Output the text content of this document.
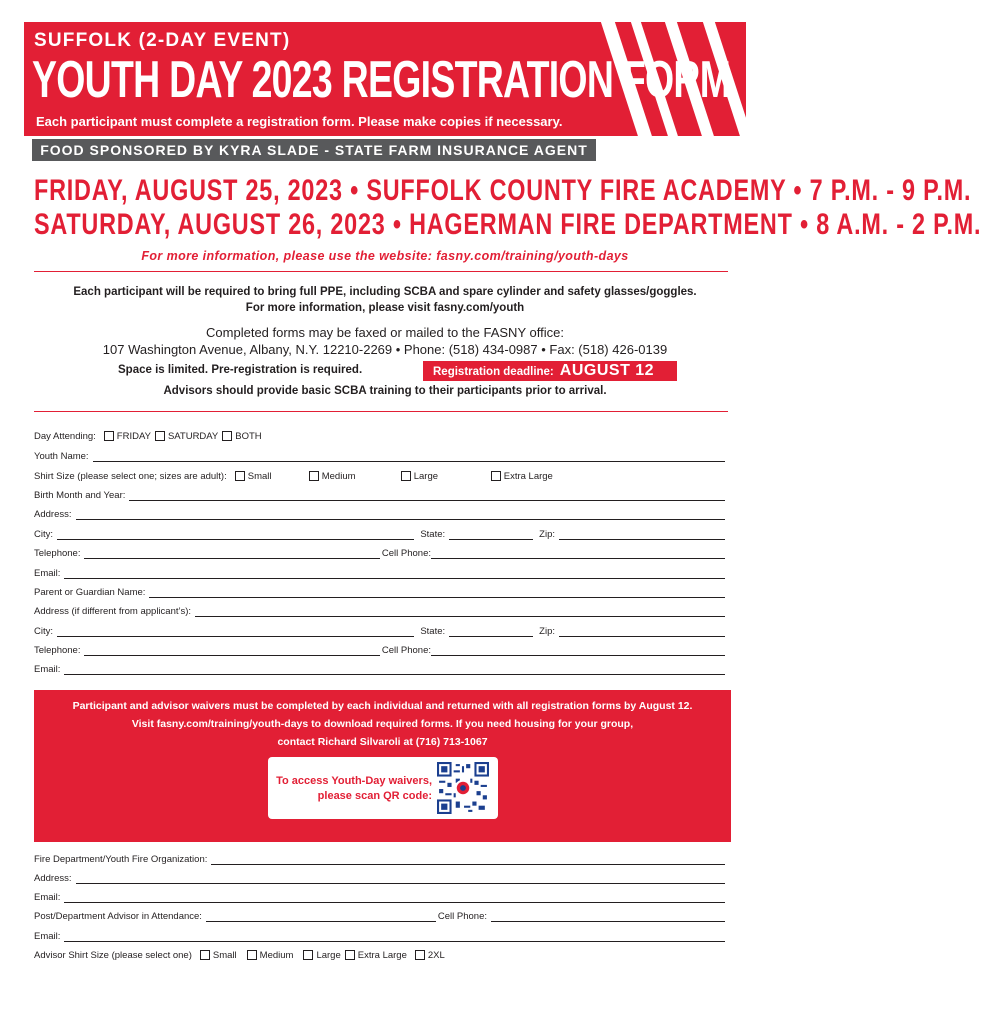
SUFFOLK (2-DAY EVENT)
YOUTH DAY 2023 REGISTRATION FORM
Each participant must complete a registration form. Please make copies if necessary.
FOOD SPONSORED BY KYRA SLADE - STATE FARM INSURANCE AGENT
FRIDAY, AUGUST 25, 2023 • SUFFOLK COUNTY FIRE ACADEMY • 7 P.M. - 9 P.M.
SATURDAY, AUGUST 26, 2023 • HAGERMAN FIRE DEPARTMENT • 8 A.M. - 2 P.M.
For more information, please use the website: fasny.com/training/youth-days
Each participant will be required to bring full PPE, including SCBA and spare cylinder and safety glasses/goggles.
For more information, please visit fasny.com/youth
Completed forms may be faxed or mailed to the FASNY office:
107 Washington Avenue, Albany, N.Y. 12210-2269 • Phone: (518) 434-0987 • Fax: (518) 426-0139
Space is limited. Pre-registration is required.	Registration deadline: AUGUST 12
Advisors should provide basic SCBA training to their participants prior to arrival.
Day Attending: FRIDAY SATURDAY BOTH
Youth Name:
Shirt Size (please select one; sizes are adult): Small	Medium	Large	Extra Large
Birth Month and Year:
Address:
City:	State:	Zip:
Telephone:	Cell Phone:
Email:
Parent or Guardian Name:
Address (if different from applicant’s):
City:	State:	Zip:
Telephone:	Cell Phone:
Email:
Participant and advisor waivers must be completed by each individual and returned with all registration forms by August 12.
Visit fasny.com/training/youth-days to download required forms. If you need housing for your group,
contact Richard Silvaroli at (716) 713-1067
To access Youth-Day waivers,
please scan QR code:
Fire Department/Youth Fire Organization:
Address:
Email:
Post/Department Advisor in Attendance:	Cell Phone:
Email:
Advisor Shirt Size (please select one) Small Medium Large Extra Large 2XL
